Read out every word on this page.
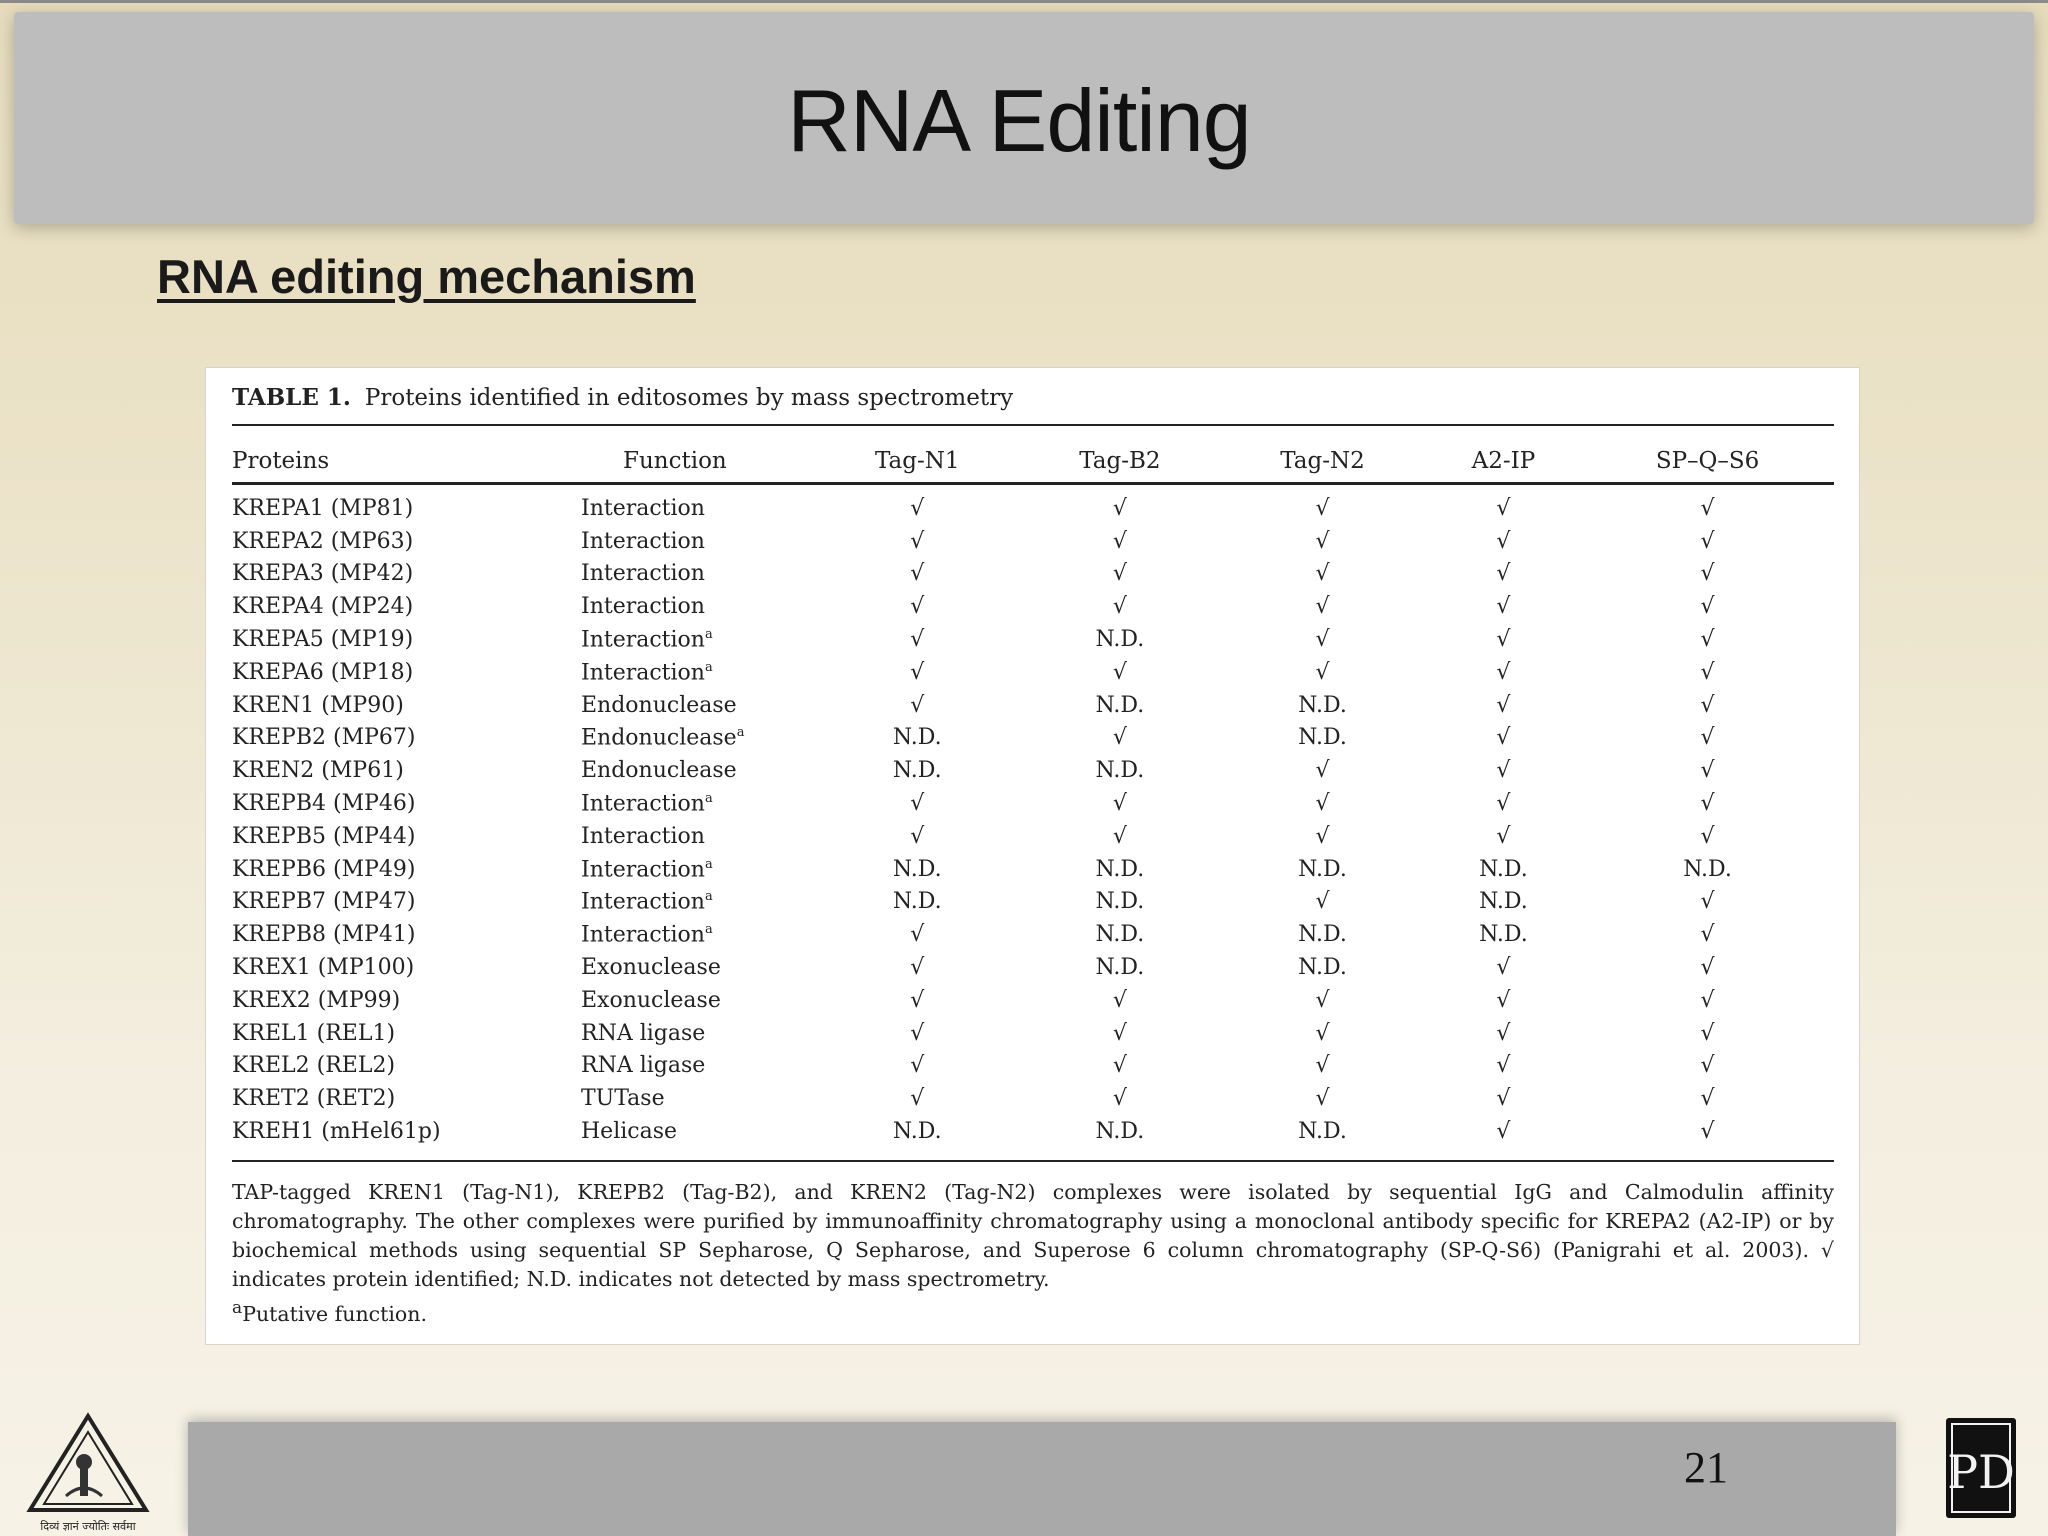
RNA Editing
RNA editing mechanism
TABLE 1. Proteins identified in editosomes by mass spectrometry
Proteins	Function	Tag-N1	Tag-B2	Tag-N2	A2-IP	SP–Q–S6
KREPA1 (MP81)	Interaction	√	√	√	√	√
KREPA2 (MP63)	Interaction	√	√	√	√	√
KREPA3 (MP42)	Interaction	√	√	√	√	√
KREPA4 (MP24)	Interaction	√	√	√	√	√
KREPA5 (MP19)	Interaction$^a$	√	N.D.	√	√	√
KREPA6 (MP18)	Interaction$^a$	√	√	√	√	√
KREN1 (MP90)	Endonuclease	√	N.D.	N.D.	√	√
KREPB2 (MP67)	Endonuclease$^a$	N.D.	√	N.D.	√	√
KREN2 (MP61)	Endonuclease	N.D.	N.D.	√	√	√
KREPB4 (MP46)	Interaction$^a$	√	√	√	√	√
KREPB5 (MP44)	Interaction	√	√	√	√	√
KREPB6 (MP49)	Interaction$^a$	N.D.	N.D.	N.D.	N.D.	N.D.
KREPB7 (MP47)	Interaction$^a$	N.D.	N.D.	√	N.D.	√
KREPB8 (MP41)	Interaction$^a$	√	N.D.	N.D.	N.D.	√
KREX1 (MP100)	Exonuclease	√	N.D.	N.D.	√	√
KREX2 (MP99)	Exonuclease	√	√	√	√	√
KREL1 (REL1)	RNA ligase	√	√	√	√	√
KREL2 (REL2)	RNA ligase	√	√	√	√	√
KRET2 (RET2)	TUTase	√	√	√	√	√
KREH1 (mHel61p)	Helicase	N.D.	N.D.	N.D.	√	√
TAP-tagged KREN1 (Tag-N1), KREPB2 (Tag-B2), and KREN2 (Tag-N2) complexes were isolated by sequential IgG and Calmodulin affinity chromatography. The other complexes were purified by immunoaffinity chromatography using a monoclonal antibody specific for KREPA2 (A2-IP) or by biochemical methods using sequential SP Sepharose, Q Sepharose, and Superose 6 column chromatography (SP-Q-S6) (Panigrahi et al. 2003). √ indicates protein identified; N.D. indicates not detected by mass spectrometry.
$^a$Putative function.
21
दिव्यं ज्ञानं ज्योतिः सर्वमा
PD
